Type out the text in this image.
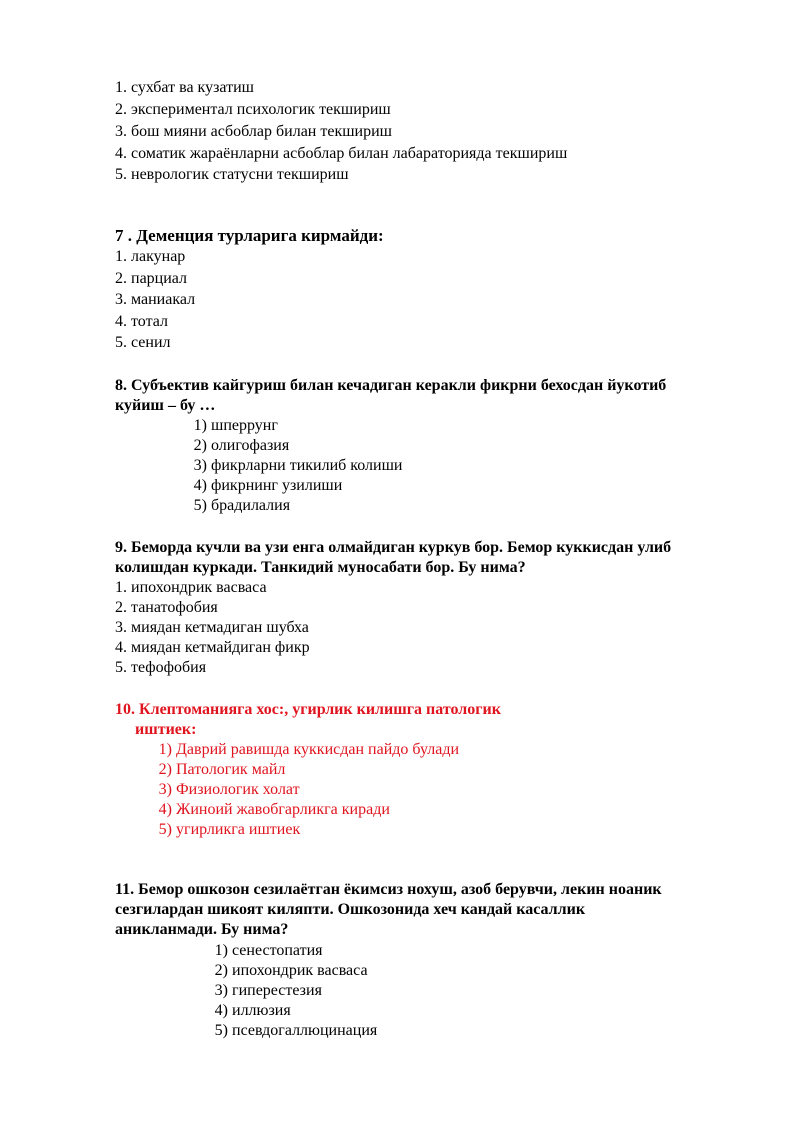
1. сухбат ва кузатиш
2. экспериментал психологик текшириш
3. бош мияни асбоблар билан текшириш
4. соматик жараёнларни асбоблар билан лабараторияда текшириш
5. неврологик статусни текшириш
7 . Деменция турларига кирмайди:
1. лакунар
2. парциал
3. маниакал
4. тотал
5. сенил
8. Субъектив кайгуриш билан кечадиган керакли фикрни бехосдан йукотиб
куйиш – бу …
1) шперрунг
2) олигофазия
3) фикрларни тикилиб колиши
4) фикрнинг узилиши
5) брадилалия
9. Беморда кучли ва узи енга олмайдиган куркув бор. Бемор куккисдан улиб
колишдан куркади. Танкидий муносабати бор. Бу нима?
1. ипохондрик васваса
2. танатофобия
3. миядан кетмадиган шубха
4. миядан кетмайдиган фикр
5. тефофобия
10. Клептоманияга хос:, угирлик килишга патологик
иштиек:
1) Даврий равишда куккисдан пайдо булади
2) Патологик майл
3) Физиологик холат
4) Жиноий жавобгарликга киради
5) угирликга иштиек
11. Бемор ошкозон сезилаётган ёкимсиз нохуш, азоб берувчи, лекин ноаник
сезгилардан шикоят киляпти. Ошкозонида хеч кандай касаллик
аникланмади. Бу нима?
1) сенестопатия
2) ипохондрик васваса
3) гиперестезия
4) иллюзия
5) псевдогаллюцинация
